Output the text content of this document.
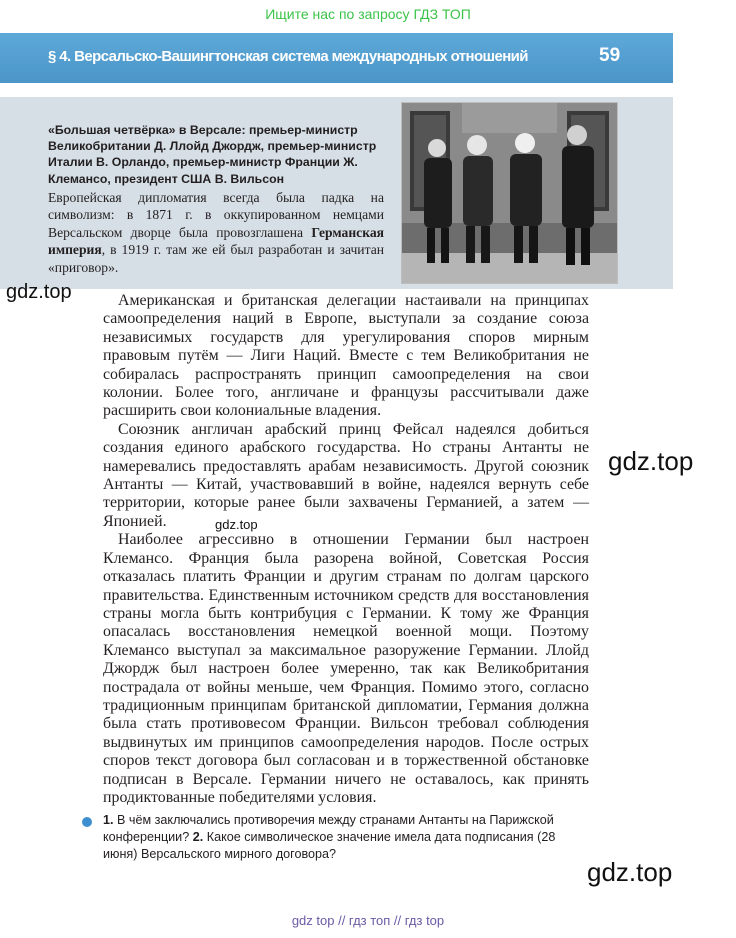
Ищите нас по запросу ГДЗ ТОП
§ 4. Версальско-Вашингтонская система международных отношений	59
«Большая четвёрка» в Версале: премьер-министр Великобритании Д. Ллойд Джордж, премьер-министр Италии В. Орландо, премьер-министр Франции Ж. Клемансо, президент США В. Вильсон
Европейская дипломатия всегда была падка на символизм: в 1871 г. в оккупированном немцами Версальском дворце была провозглашена Германская империя, в 1919 г. там же ей был разработан и зачитан «приговор».
gdz.top	Американская и британская делегации настаивали на принципах самоопределения наций в Европе, выступали за создание союза независимых государств для урегулирования споров мирным правовым путём — Лиги Наций. Вместе с тем Великобритания не собиралась распространять принцип самоопределения на свои колонии. Более того, англичане и французы рассчитывали даже расширить свои колониальные владения.

Союзник англичан арабский принц Фейсал надеялся добиться создания единого арабского государства. Но страны Антанты не намеревались предоставлять арабам независимость. Другой союзник Антанты — Китай, участвовавший в войне, надеялся вернуть себе территории, которые ранее были захвачены Германией, а затем — Японией.

Наиболее агрессивно в отношении Германии был настроен Клемансо. Франция была разорена войной, Советская Россия отказалась платить Франции и другим странам по долгам царского правительства. Единственным источником средств для восстановления страны могла быть контрибуция с Германии. К тому же Франция опасалась восстановления немецкой военной мощи. Поэтому Клемансо выступал за максимальное разоружение Германии. Ллойд Джордж был настроен более умеренно, так как Великобритания пострадала от войны меньше, чем Франция. Помимо этого, согласно традиционным принципам британской дипломатии, Германия должна была стать противовесом Франции. Вильсон требовал соблюдения выдвинутых им принципов самоопределения народов. После острых споров текст договора был согласован и в торжественной обстановке подписан в Версале. Германии ничего не оставалось, как принять продиктованные победителями условия.

gdz.top
gdz.top
1. В чём заключались противоречия между странами Антанты на Парижской конференции? 2. Какое символическое значение имела дата подписания (28 июня) Версальского мирного договора?
gdz.top
gdz top // гдз топ // гдз top
